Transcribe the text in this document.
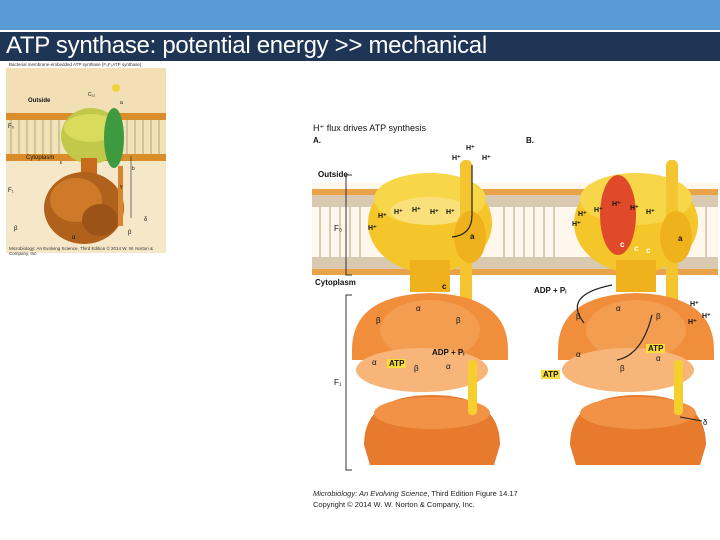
ATP synthase: potential energy >> mechanical
Bacterial membrane-embedded ATP synthase (F₀F₁ATP synthase)
Outside
Cytoplasm
F₀
F₁
C₁₂
a
b
β
β
δ
α
ε
γ
Microbiology: An Evolving Science, Third Edition © 2014 W. W. Norton & Company, Inc.
H⁺ flux drives ATP synthesis
A.	B.
Outside
Cytoplasm
F₀
F₁
H⁺
H⁺	H⁺
H⁺
H⁺ H⁺ H⁺ H⁺
H⁺
a
c
α
β	β
α
β	α
ADP + Pᵢ
ATP
H⁺
H⁺	H⁺
H⁺	H⁺
H⁺
c c c
a
ADP + Pᵢ
H⁺
H⁺
H⁺
α
β	β
α
β
α
ATP
ATP
δ
Microbiology: An Evolving Science, Third Edition Figure 14.17
Copyright © 2014 W. W. Norton & Company, Inc.
